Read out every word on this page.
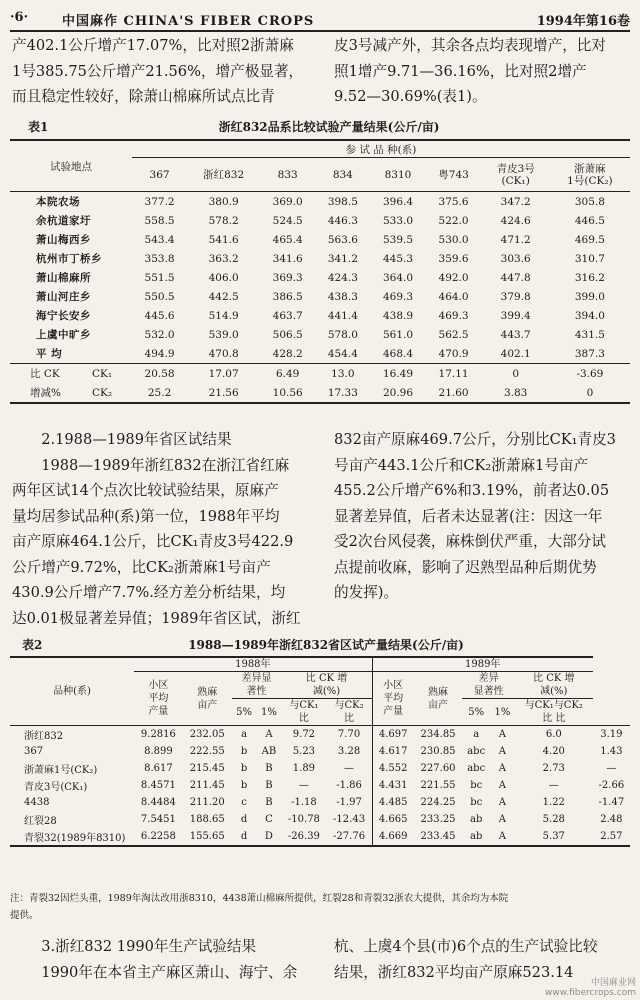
·6·	中国麻作 CHINA'S FIBER CROPS	1994年第16卷

产402.1公斤增产17.07%，比对照2浙萧麻

1号385.75公斤增产21.56%，增产极显著，

而且稳定性较好，除萧山棉麻所试点比青

皮3号减产外，其余各点均表现增产，比对

照1增产9.71—36.16%，比对照2增产

9.52—30.69%(表1)。

表1	浙红832品系比较试验产量结果(公斤/亩)
试验地点	参 试 品 种(系)							
	367	浙红832	833	834	8310	粤743	青皮3号
(CK₁)	浙萧麻
1号(CK₂)
本院农场	377.2	380.9	369.0	398.5	396.4	375.6	347.2	305.8
余杭道家圩	558.5	578.2	524.5	446.3	533.0	522.0	424.6	446.5
萧山梅西乡	543.4	541.6	465.4	563.6	539.5	530.0	471.2	469.5
杭州市丁桥乡	353.8	363.2	341.6	341.2	445.3	359.6	303.6	310.7
萧山棉麻所	551.5	406.0	369.3	424.3	364.0	492.0	447.8	316.2
萧山河庄乡	550.5	442.5	386.5	438.3	469.3	464.0	379.8	399.0
海宁长安乡	445.6	514.9	463.7	441.4	438.9	469.3	399.4	394.0
上虞中旷乡	532.0	539.0	506.5	578.0	561.0	562.5	443.7	431.5
平 均	494.9	470.8	428.2	454.4	468.4	470.9	402.1	387.3
比 CK CK₁	20.58	17.07	6.49	13.0	16.49	17.11	0	-3.69
增减% CK₂	25.2	21.56	10.56	17.33	20.96	21.60	3.83	0

2.1988—1989年省区试结果

1988—1989年浙红832在浙江省红麻

两年区试14个点次比较试验结果，原麻产

量均居参试品种(系)第一位，1988年平均

亩产原麻464.1公斤，比CK₁青皮3号422.9

公斤增产9.72%，比CK₂浙萧麻1号亩产

430.9公斤增产7.7%.经方差分析结果，均

达0.01极显著差异值；1989年省区试，浙红

832亩产原麻469.7公斤，分别比CK₁青皮3

号亩产443.1公斤和CK₂浙萧麻1号亩产

455.2公斤增产6%和3.19%，前者达0.05

显著差异值，后者未达显著(注：因这一年

受2次台风侵袭，麻株倒伏严重，大部分试

点提前收麻，影响了迟熟型品种后期优势

的发挥)。

表2	1988—1989年浙红832省区试产量结果(公斤/亩)
品种(系)	1988年						1989年					
	小区
平均
产量	熟麻
亩产	差异显
著性		比 CK 增
减(%)		小区
平均
产量	熟麻
亩产	差异
显著性		比 CK 增
减(%)	
			5%	1%	与CK₁
比	与CK₂
比			5%	1%	与CK₁与CK₂
比 比	
浙红832	9.2816	232.05	a	A	9.72	7.70	4.697	234.85	a	A	6.0	3.19
367	8.899	222.55	b	AB	5.23	3.28	4.617	230.85	abc	A	4.20	1.43
浙萧麻1号(CK₂)	8.617	215.45	b	B	1.89	—	4.552	227.60	abc	A	2.73	—
青皮3号(CK₁)	8.4571	211.45	b	B	—	-1.86	4.431	221.55	bc	A	—	-2.66
4438	8.4484	211.20	c	B	-1.18	-1.97	4.485	224.25	bc	A	1.22	-1.47
红裂28	7.5451	188.65	d	C	-10.78	-12.43	4.665	233.25	ab	A	5.28	2.48
青裂32(1989年8310)	6.2258	155.65	d	D	-26.39	-27.76	4.669	233.45	ab	A	5.37	2.57
注：青裂32因烂头重，1989年淘汰改用浙8310，4438萧山棉麻所提供，红裂28和青裂32浙农大提供，其余均为本院
提供。

3.浙红832 1990年生产试验结果

1990年在本省主产麻区萧山、海宁、余

杭、上虞4个县(市)6个点的生产试验比较

结果，浙红832平均亩产原麻523.14

中国麻业网
www.fibercrops.com
